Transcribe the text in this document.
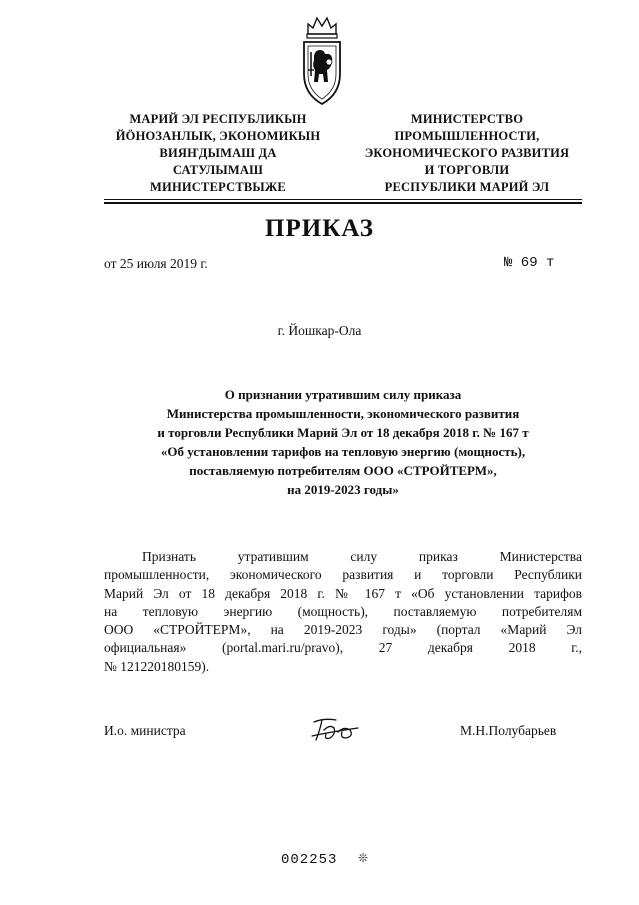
МАРИЙ ЭЛ РЕСПУБЛИКЫН
ЙӦНОЗАНЛЫК, ЭКОНОМИКЫН
ВИЯҤДЫМАШ ДА
САТУЛЫМАШ
МИНИСТЕРСТВЫЖЕ
МИНИСТЕРСТВО
ПРОМЫШЛЕННОСТИ,
ЭКОНОМИЧЕСКОГО РАЗВИТИЯ
И ТОРГОВЛИ
РЕСПУБЛИКИ МАРИЙ ЭЛ
ПРИКАЗ
от 25 июля 2019 г.	№ 69 т
г. Йошкар-Ола
О признании утратившим силу приказа
Министерства промышленности, экономического развития
и торговли Республики Марий Эл от 18 декабря 2018 г. № 167 т
«Об установлении тарифов на тепловую энергию (мощность),
поставляемую потребителям ООО «СТРОЙТЕРМ»,
на 2019-2023 годы»
Признать утратившим силу приказ Министерства
промышленности, экономического развития и торговли Республики
Марий Эл от 18 декабря 2018 г. № 167 т «Об установлении тарифов
на тепловую энергию (мощность), поставляемую потребителям
ООО «СТРОЙТЕРМ», на 2019-2023 годы» (портал «Марий Эл
официальная» (portal.mari.ru/pravo), 27 декабря 2018 г.,
№ 121220180159).
И.о. министра	М.Н.Полубарьев
002253 ❊
